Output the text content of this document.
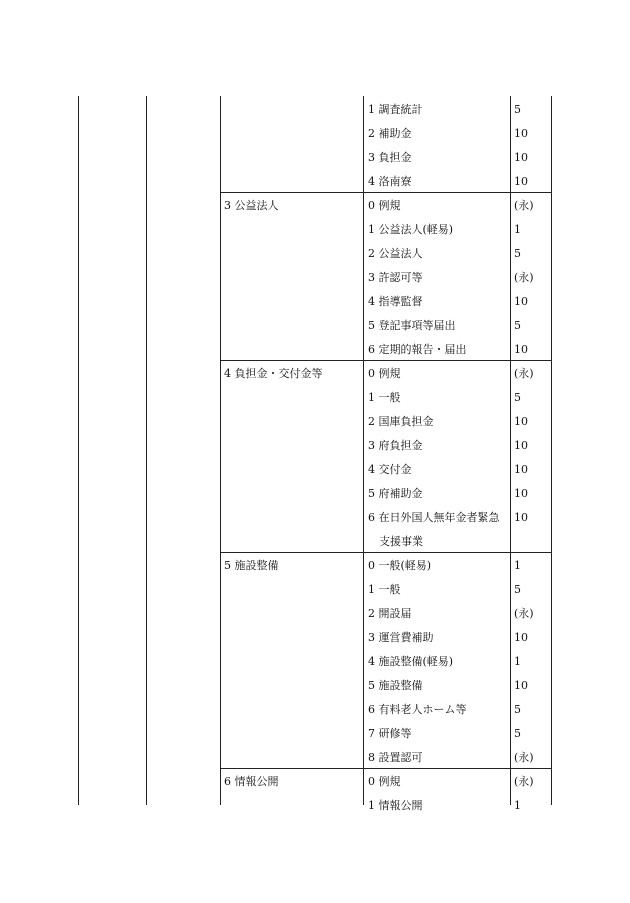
1 調査統計	5
2 補助金	10
3 負担金	10
4 洛南寮	10
3 公益法人	0 例規	(永)
1 公益法人(軽易)	1
2 公益法人	5
3 許認可等	(永)
4 指導監督	10
5 登記事項等届出	5
6 定期的報告・届出	10
4 負担金・交付金等	0 例規	(永)
1 一般	5
2 国庫負担金	10
3 府負担金	10
4 交付金	10
5 府補助金	10
6 在日外国人無年金者緊急 10
支援事業
5 施設整備	0 一般(軽易)	1
1 一般	5
2 開設届	(永)
3 運営費補助	10
4 施設整備(軽易)	1
5 施設整備	10
6 有料老人ホーム等	5
7 研修等	5
8 設置認可	(永)
6 情報公開	0 例規	(永)
1 情報公開	1
